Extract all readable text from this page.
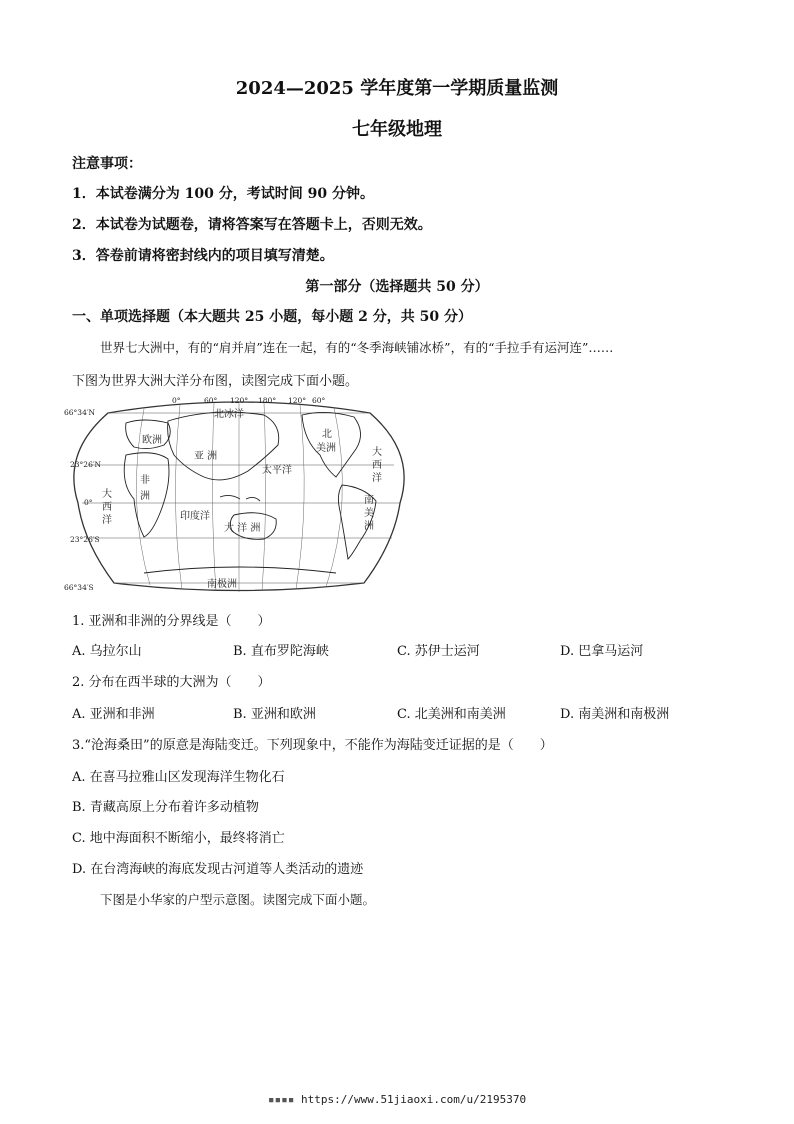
2024—2025 学年度第一学期质量监测
七年级地理
注意事项：
1．本试卷满分为 100 分，考试时间 90 分钟。
2．本试卷为试题卷，请将答案写在答题卡上，否则无效。
3．答卷前请将密封线内的项目填写清楚。
第一部分（选择题共 50 分）
一、单项选择题（本大题共 25 小题，每小题 2 分，共 50 分）
世界七大洲中，有的“肩并肩”连在一起，有的“冬季海峡铺冰桥”，有的“手拉手有运河连”……
下图为世界大洲大洋分布图，读图完成下面小题。
0°	60° 120° 180° 120° 60°
66°34′N
23°26′N
0°
23°26′S
66°34′S
北冰洋
太平洋
印度洋
南极洲
大
西
洋
大
西
洋
欧洲
亚 洲
非
洲
北
美洲
南
美
洲
大 洋 洲
1. 亚洲和非洲的分界线是（　　）
A. 乌拉尔山	B. 直布罗陀海峡	C. 苏伊士运河	D. 巴拿马运河
2. 分布在西半球的大洲为（　　）
A. 亚洲和非洲	B. 亚洲和欧洲	C. 北美洲和南美洲	D. 南美洲和南极洲
3.“沧海桑田”的原意是海陆变迁。下列现象中，不能作为海陆变迁证据的是（　　）
A. 在喜马拉雅山区发现海洋生物化石
B. 青藏高原上分布着许多动植物
C. 地中海面积不断缩小，最终将消亡
D. 在台湾海峡的海底发现古河道等人类活动的遗迹
下图是小华家的户型示意图。读图完成下面小题。
▪▪▪▪ https://www.51jiaoxi.com/u/2195370
